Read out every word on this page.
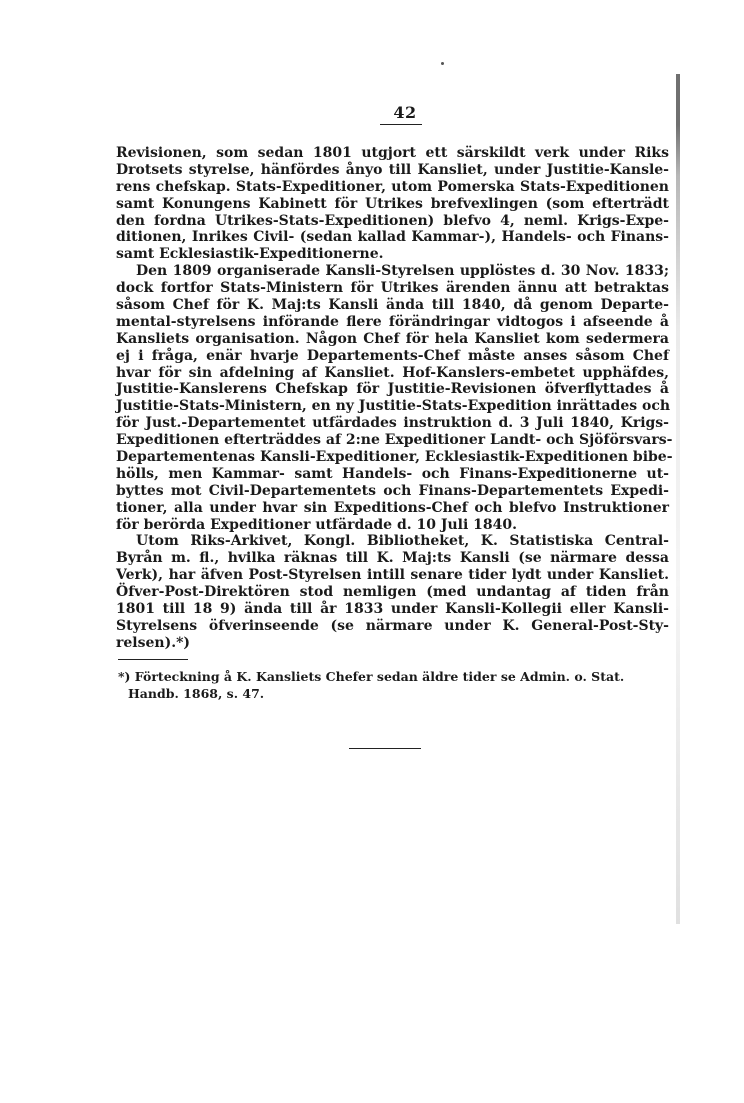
42
Revisionen, som sedan 1801 utgjort ett särskildt verk under Riks
Drotsets styrelse, hänfördes ånyo till Kansliet, under Justitie-Kansle-
rens chefskap. Stats-Expeditioner, utom Pomerska Stats-Expeditionen
samt Konungens Kabinett för Utrikes brefvexlingen (som efterträdt
den fordna Utrikes-Stats-Expeditionen) blefvo 4, neml. Krigs-Expe-
ditionen, Inrikes Civil- (sedan kallad Kammar-), Handels- och Finans-
samt Ecklesiastik-Expeditionerne.
Den 1809 organiserade Kansli-Styrelsen upplöstes d. 30 Nov. 1833;
dock fortfor Stats-Ministern för Utrikes ärenden ännu att betraktas
såsom Chef för K. Maj:ts Kansli ända till 1840, då genom Departe-
mental-styrelsens införande flere förändringar vidtogos i afseende å
Kansliets organisation. Någon Chef för hela Kansliet kom sedermera
ej i fråga, enär hvarje Departements-Chef måste anses såsom Chef
hvar för sin afdelning af Kansliet. Hof-Kanslers-embetet upphäfdes,
Justitie-Kanslerens Chefskap för Justitie-Revisionen öfverflyttades å
Justitie-Stats-Ministern, en ny Justitie-Stats-Expedition inrättades och
för Just.-Departementet utfärdades instruktion d. 3 Juli 1840, Krigs-
Expeditionen efterträddes af 2:ne Expeditioner Landt- och Sjöförsvars-
Departementenas Kansli-Expeditioner, Ecklesiastik-Expeditionen bibe-
hölls, men Kammar- samt Handels- och Finans-Expeditionerne ut-
byttes mot Civil-Departementets och Finans-Departementets Expedi-
tioner, alla under hvar sin Expeditions-Chef och blefvo Instruktioner
för berörda Expeditioner utfärdade d. 10 Juli 1840.
Utom Riks-Arkivet, Kongl. Bibliotheket, K. Statistiska Central-
Byrån m. fl., hvilka räknas till K. Maj:ts Kansli (se närmare dessa
Verk), har äfven Post-Styrelsen intill senare tider lydt under Kansliet.
Öfver-Post-Direktören stod nemligen (med undantag af tiden från
1801 till 18 9) ända till år 1833 under Kansli-Kollegii eller Kansli-
Styrelsens öfverinseende (se närmare under K. General-Post-Sty-
relsen).*)
*) Förteckning å K. Kansliets Chefer sedan äldre tider se Admin. o. Stat.
Handb. 1868, s. 47.
